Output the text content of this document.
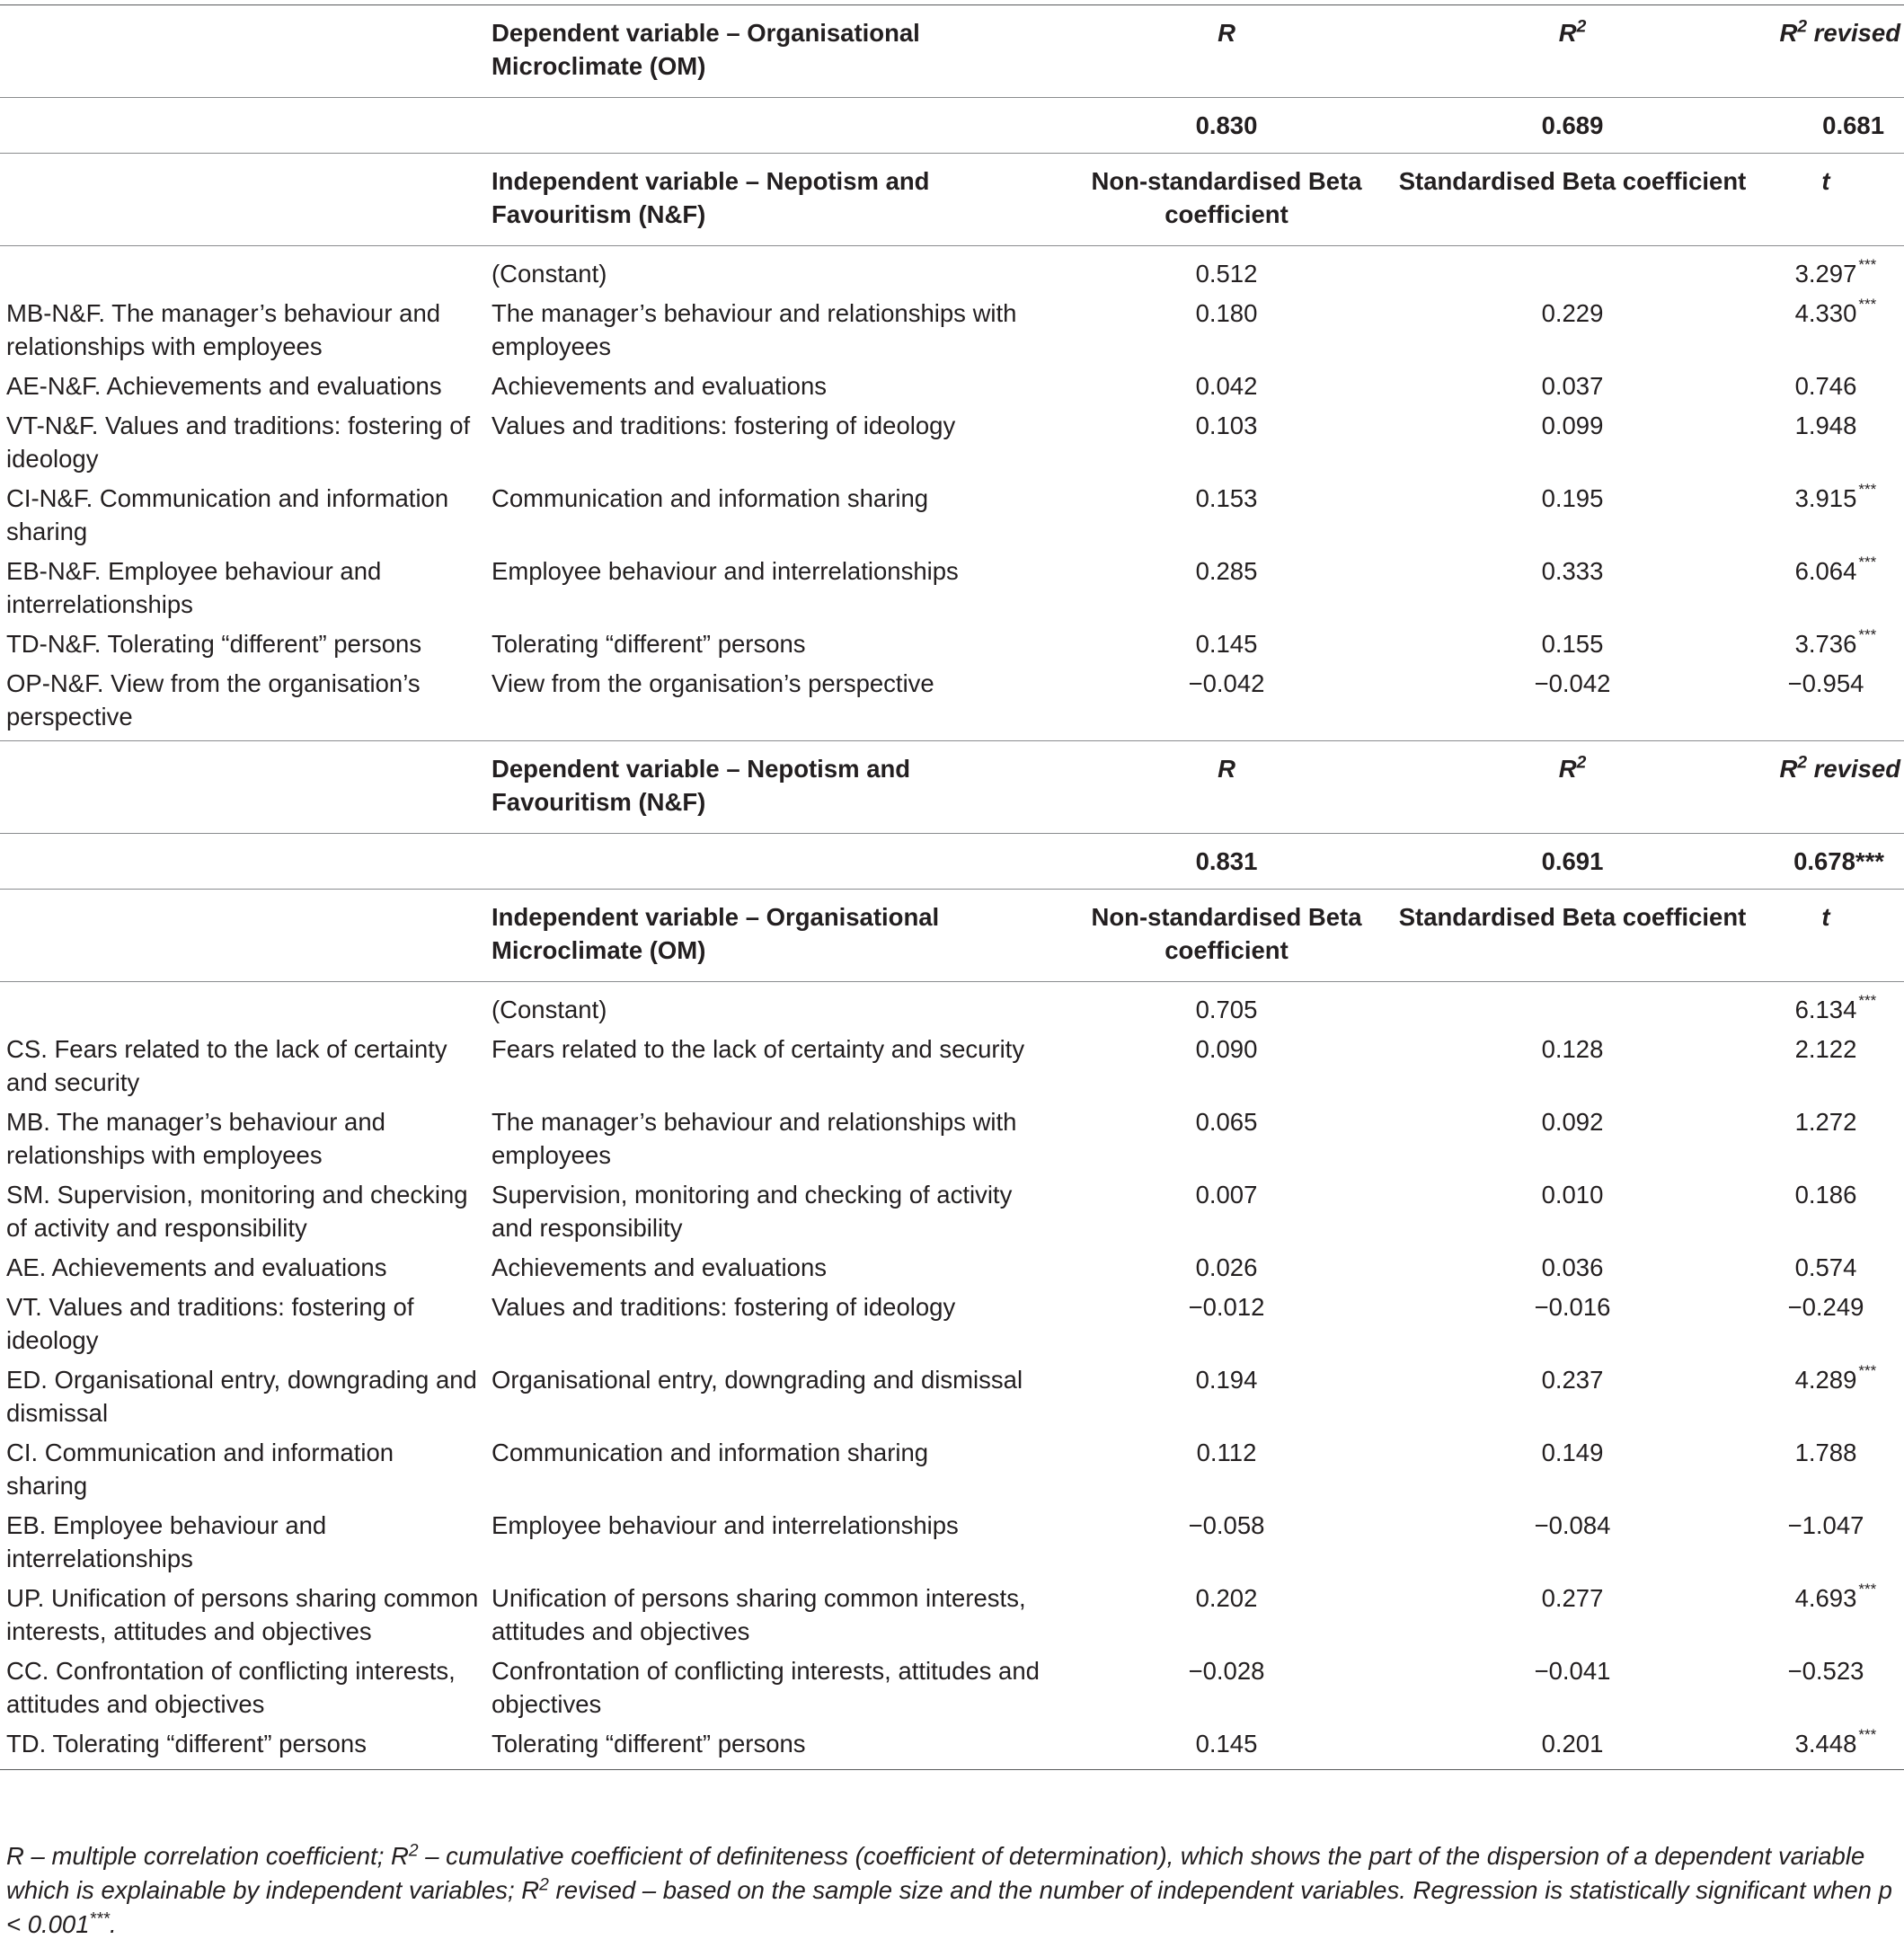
	Dependent variable – Organisational Microclimate (OM)	R	$R^2$	$R^2$ revised
		0.830	0.689	0.681
	Independent variable – Nepotism and Favouritism (N&F)	Non-standardised Beta coefficient	Standardised Beta coefficient	t
	(Constant)	0.512		3.297 ***

MB-N&F. The manager’s behaviour and relationships with employees	The manager’s behaviour and relationships with employees	0.180	0.229	4.330 ***

AE-N&F. Achievements and evaluations	Achievements and evaluations	0.042	0.037	0.746

VT-N&F. Values and traditions: fostering of ideology	Values and traditions: fostering of ideology	0.103	0.099	1.948

CI-N&F. Communication and information sharing	Communication and information sharing	0.153	0.195	3.915 ***

EB-N&F. Employee behaviour and interrelationships	Employee behaviour and interrelationships	0.285	0.333	6.064 ***

TD-N&F. Tolerating “different” persons	Tolerating “different” persons	0.145	0.155	3.736 ***

OP-N&F. View from the organisation’s perspective	View from the organisation’s perspective	−0.042	−0.042	−0.954

	Dependent variable – Nepotism and Favouritism (N&F)	R	$R^2$	$R^2$ revised
		0.831	0.691	0.678***
	Independent variable – Organisational Microclimate (OM)	Non-standardised Beta coefficient	Standardised Beta coefficient	t
	(Constant)	0.705		6.134 ***

CS. Fears related to the lack of certainty and security	Fears related to the lack of certainty and security	0.090	0.128	2.122

MB. The manager’s behaviour and relationships with employees	The manager’s behaviour and relationships with employees	0.065	0.092	1.272

SM. Supervision, monitoring and checking of activity and responsibility	Supervision, monitoring and checking of activity and responsibility	0.007	0.010	0.186

AE. Achievements and evaluations	Achievements and evaluations	0.026	0.036	0.574

VT. Values and traditions: fostering of ideology	Values and traditions: fostering of ideology	−0.012	−0.016	−0.249

ED. Organisational entry, downgrading and dismissal	Organisational entry, downgrading and dismissal	0.194	0.237	4.289 ***

CI. Communication and information sharing	Communication and information sharing	0.112	0.149	1.788

EB. Employee behaviour and interrelationships	Employee behaviour and interrelationships	−0.058	−0.084	−1.047

UP. Unification of persons sharing common interests, attitudes and objectives	Unification of persons sharing common interests, attitudes and objectives	0.202	0.277	4.693 ***

CC. Confrontation of conflicting interests, attitudes and objectives	Confrontation of conflicting interests, attitudes and objectives	−0.028	−0.041	−0.523

TD. Tolerating “different” persons	Tolerating “different” persons	0.145	0.201	3.448 ***
R – multiple correlation coefficient; $R^2$ – cumulative coefficient of definiteness (coefficient of determination), which shows the part of the dispersion of a dependent variable which is explainable by independent variables; $R^2$ revised – based on the sample size and the number of independent variables. Regression is statistically significant when p < 0.001***.
